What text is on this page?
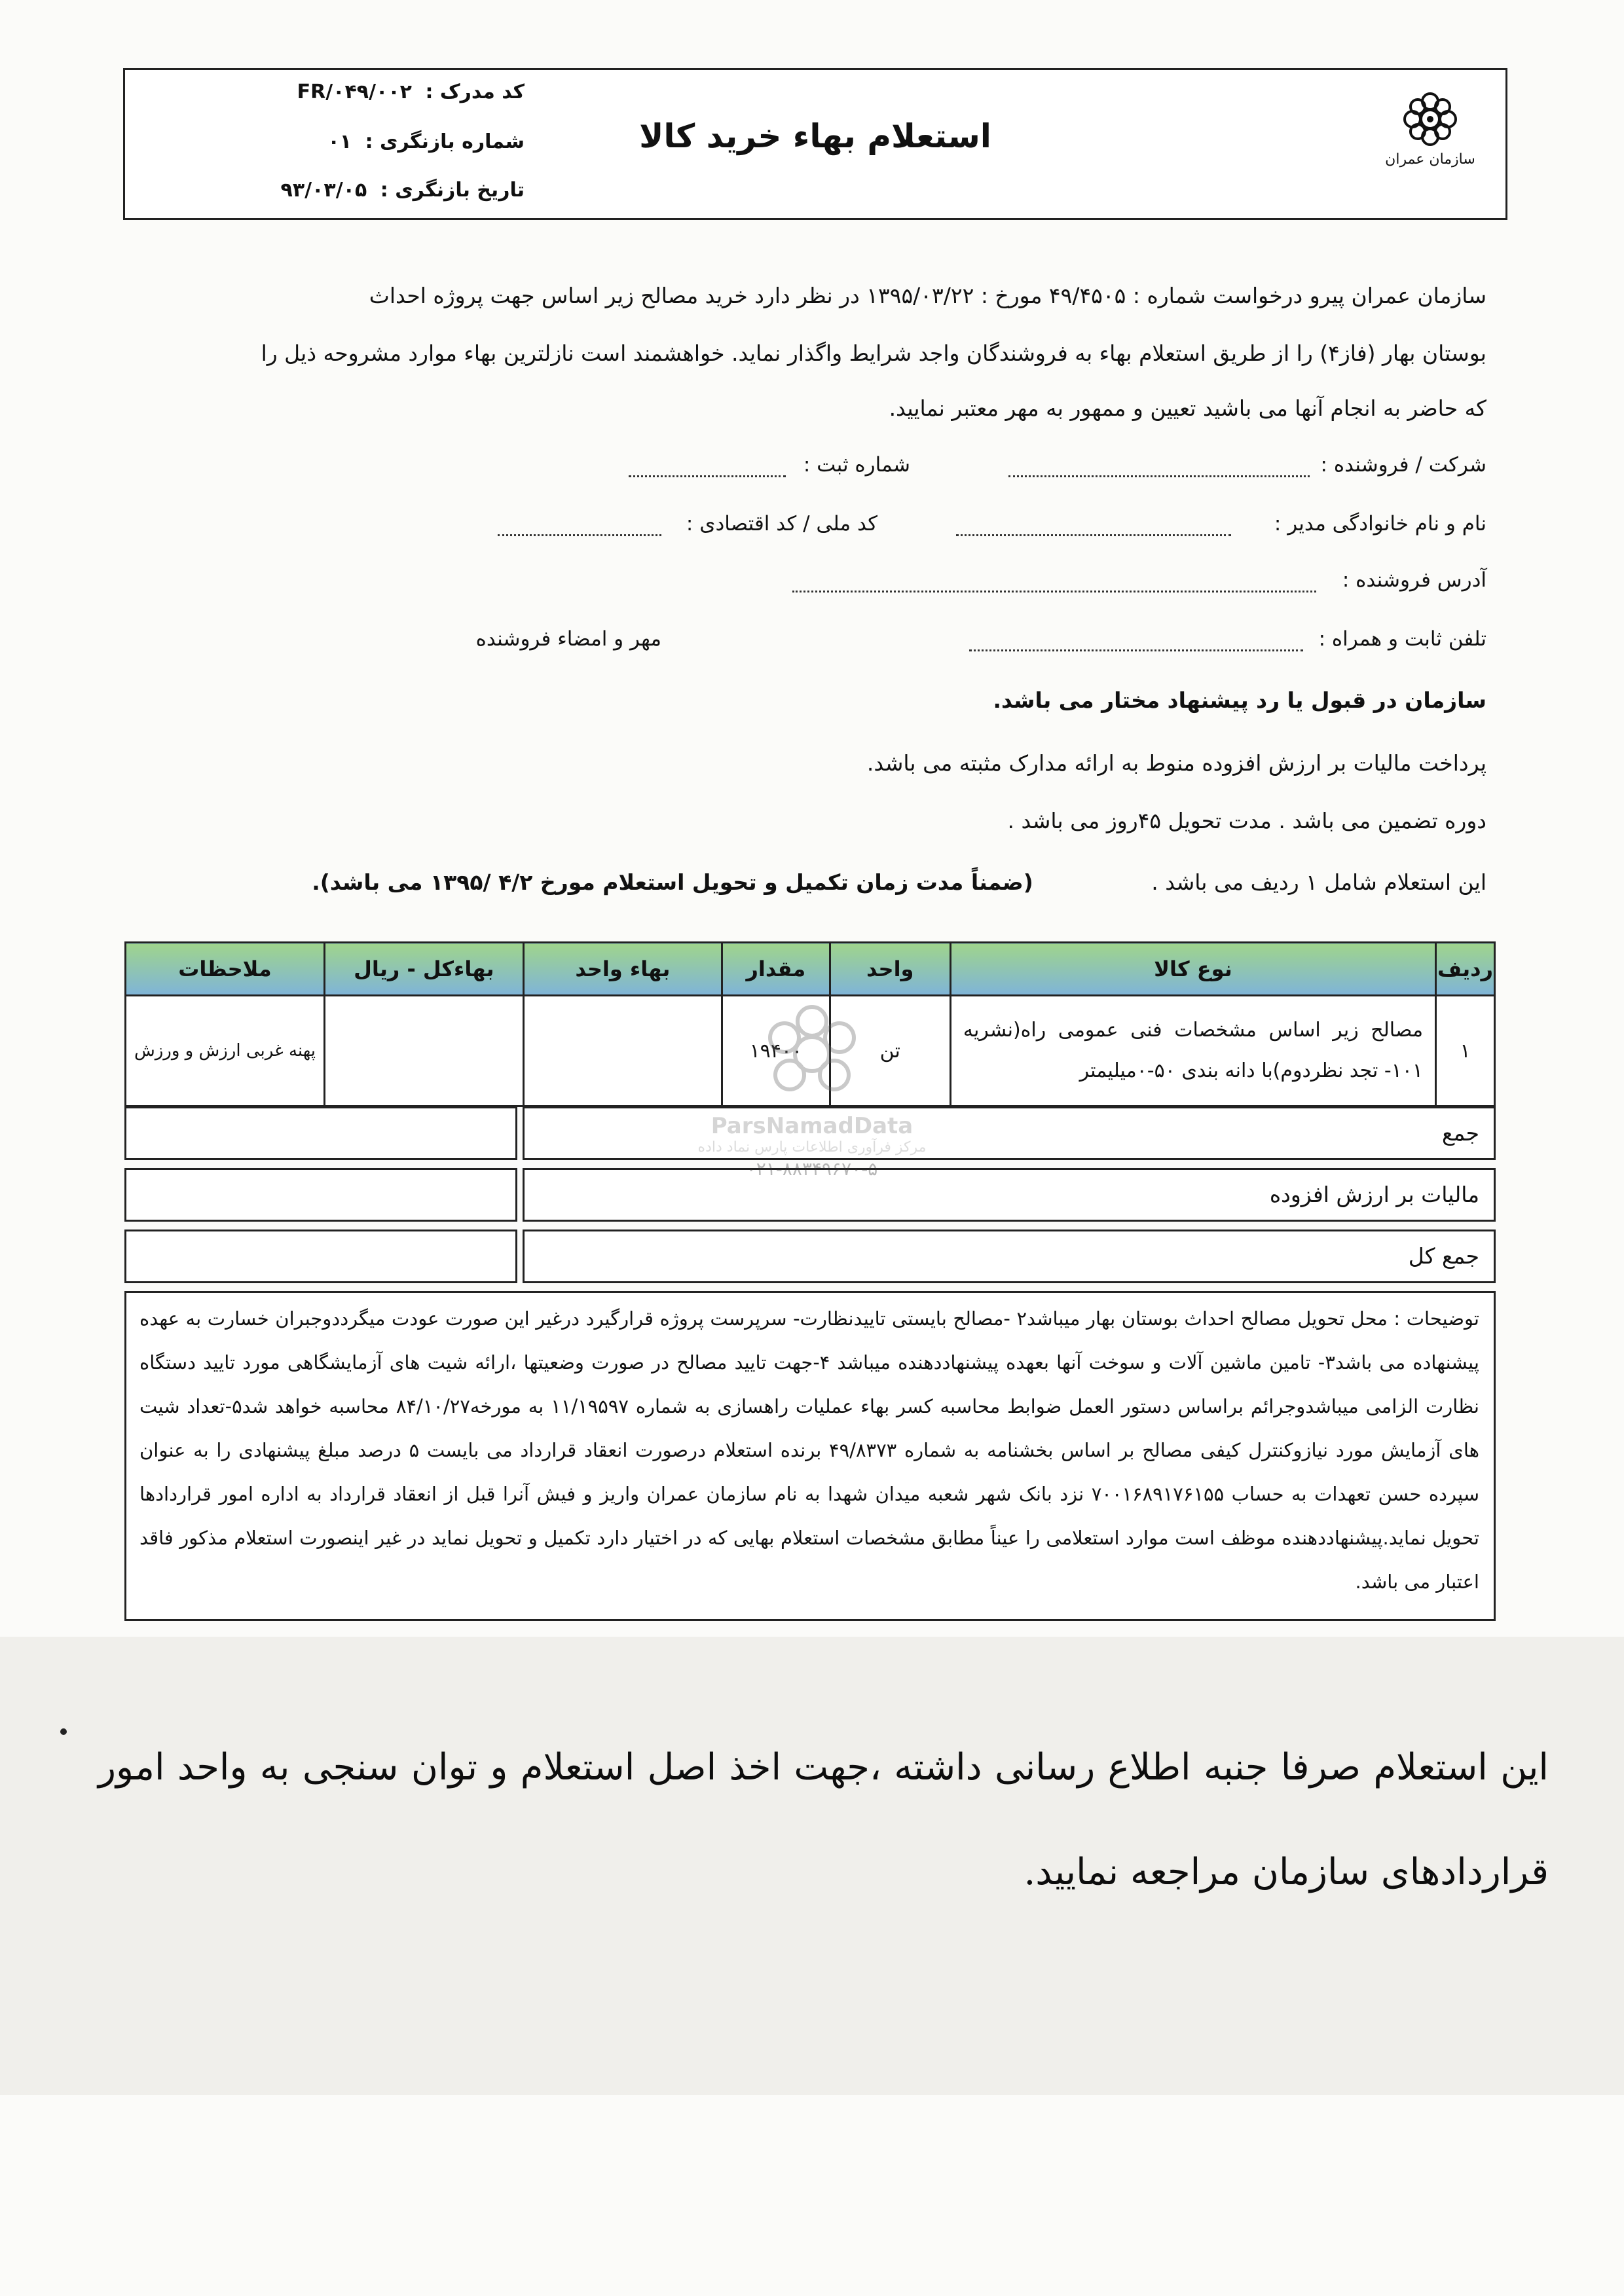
کد مدرک : FR/۰۴۹/۰۰۲
شماره بازنگری : ۰۱
تاریخ بازنگری : ۹۳/۰۳/۰۵
استعلام بهاء خرید کالا
سازمان عمران
سازمان عمران پیرو درخواست شماره : ۴۹/۴۵۰۵ مورخ : ۱۳۹۵/۰۳/۲۲ در نظر دارد خرید مصالح زیر اساس جهت پروژه احداث
بوستان بهار (فاز۴) را از طریق استعلام بهاء به فروشندگان واجد شرایط واگذار نماید. خواهشمند است نازلترین بهاء موارد مشروحه ذیل را
که حاضر به انجام آنها می باشید تعیین و ممهور به مهر معتبر نمایید.
شرکت / فروشنده :
شماره ثبت :
نام و نام خانوادگی مدیر :
کد ملی / کد اقتصادی :
آدرس فروشنده :
تلفن ثابت و همراه :
مهر و امضاء فروشنده
سازمان در قبول یا رد پیشنهاد مختار می باشد.
پرداخت مالیات بر ارزش افزوده منوط به ارائه مدارک مثبته می باشد.
دوره تضمین می باشد . مدت تحویل ۴۵روز می باشد .
این استعلام شامل ۱ ردیف می باشد . (ضمناً مدت زمان تکمیل و تحویل استعلام مورخ ۴/۲ /۱۳۹۵ می باشد).
ردیف	نوع کالا	واحد	مقدار	بهاء واحد	بهاءکل - ریال	ملاحظات
۱	مصالح زیر اساس مشخصات فنی عمومی راه(نشریه ۱۰۱- تجد نظردوم)با دانه بندی ۵۰-۰میلیمتر	تن	۱۹۴۰۰			پهنه غربی ارزش و ورزش
جمع
مالیات بر ارزش افزوده
جمع کل
توضیحات : محل تحویل مصالح احداث بوستان بهار میباشد۲ -مصالح بایستی تاییدنظارت- سرپرست پروژه قرارگیرد درغیر این صورت عودت میگرددوجبران خسارت به عهده پیشنهاده می باشد۳- تامین ماشین آلات و سوخت آنها بعهده پیشنهاددهنده میباشد ۴-جهت تایید مصالح در صورت وضعیتها ،ارائه شیت های آزمایشگاهی مورد تایید دستگاه نظارت الزامی میباشدوجرائم براساس دستور العمل ضوابط محاسبه کسر بهاء عملیات راهسازی به شماره ۱۱/۱۹۵۹۷ به مورخه۸۴/۱۰/۲۷ محاسبه خواهد شد۵-تعداد شیت های آزمایش مورد نیازوکنترل کیفی مصالح بر اساس بخشنامه به شماره ۴۹/۸۳۷۳ برنده استعلام درصورت انعقاد قرارداد می بایست ۵ درصد مبلغ پیشنهادی را به عنوان سپرده حسن تعهدات به حساب ۷۰۰۱۶۸۹۱۷۶۱۵۵ نزد بانک شهر شعبه میدان شهدا به نام سازمان عمران واریز و فیش آنرا قبل از انعقاد قرارداد به اداره امور قراردادها تحویل نماید.پیشنهاددهنده موظف است موارد استعلامی را عیناً مطابق مشخصات استعلام بهایی که در اختیار دارد تکمیل و تحویل نماید در غیر اینصورت استعلام مذکور فاقد اعتبار می باشد.
ParsNamadData
مرکز فرآوری اطلاعات پارس نماد داده
۰۲۱-۸۸۳۴۹۶۷۰-۵
این استعلام صرفا جنبه اطلاع رسانی داشته ،جهت اخذ اصل استعلام و توان سنجی به واحد امور قراردادهای سازمان مراجعه نمایید.
